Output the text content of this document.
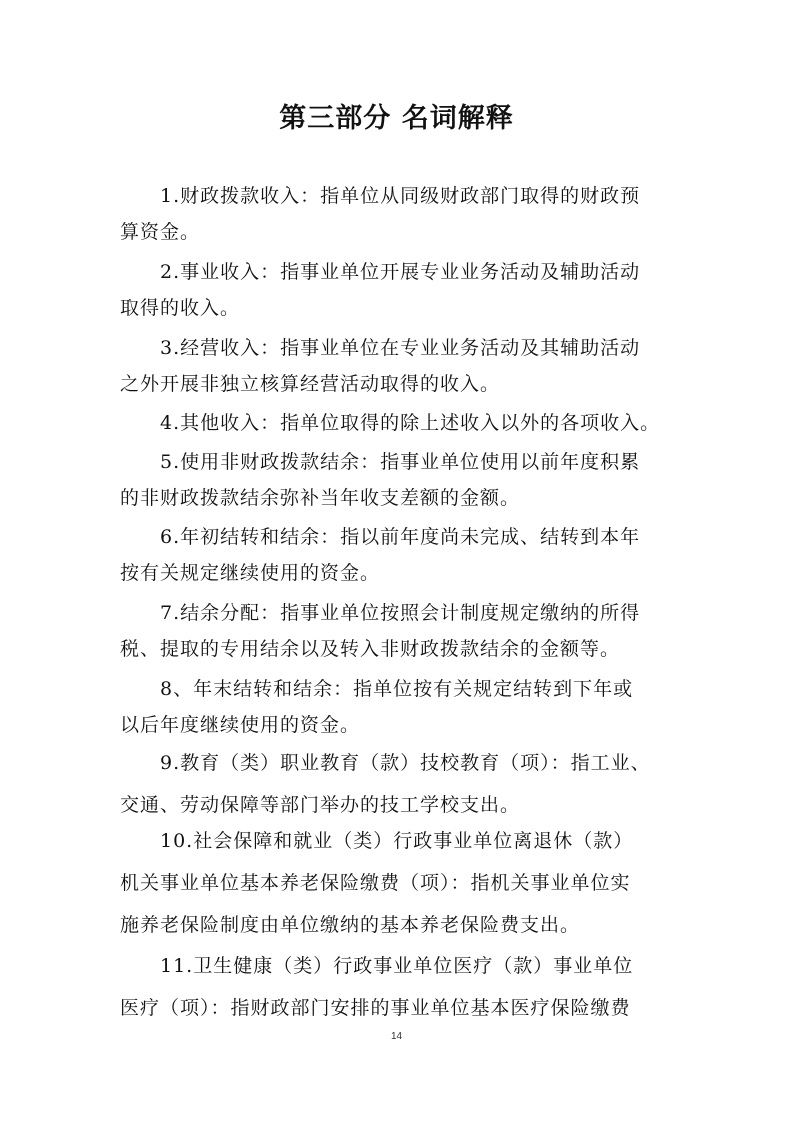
第三部分 名词解释
1.财政拨款收入：指单位从同级财政部门取得的财政预
算资金。
2.事业收入：指事业单位开展专业业务活动及辅助活动
取得的收入。
3.经营收入：指事业单位在专业业务活动及其辅助活动
之外开展非独立核算经营活动取得的收入。
4.其他收入：指单位取得的除上述收入以外的各项收入。
5.使用非财政拨款结余：指事业单位使用以前年度积累
的非财政拨款结余弥补当年收支差额的金额。
6.年初结转和结余：指以前年度尚未完成、结转到本年
按有关规定继续使用的资金。
7.结余分配：指事业单位按照会计制度规定缴纳的所得
税、提取的专用结余以及转入非财政拨款结余的金额等。
8、年末结转和结余：指单位按有关规定结转到下年或
以后年度继续使用的资金。
9.教育（类）职业教育（款）技校教育（项）：指工业、
交通、劳动保障等部门举办的技工学校支出。
10.社会保障和就业（类）行政事业单位离退休（款）
机关事业单位基本养老保险缴费（项）：指机关事业单位实
施养老保险制度由单位缴纳的基本养老保险费支出。
11.卫生健康（类）行政事业单位医疗（款）事业单位
医疗（项）：指财政部门安排的事业单位基本医疗保险缴费
14
